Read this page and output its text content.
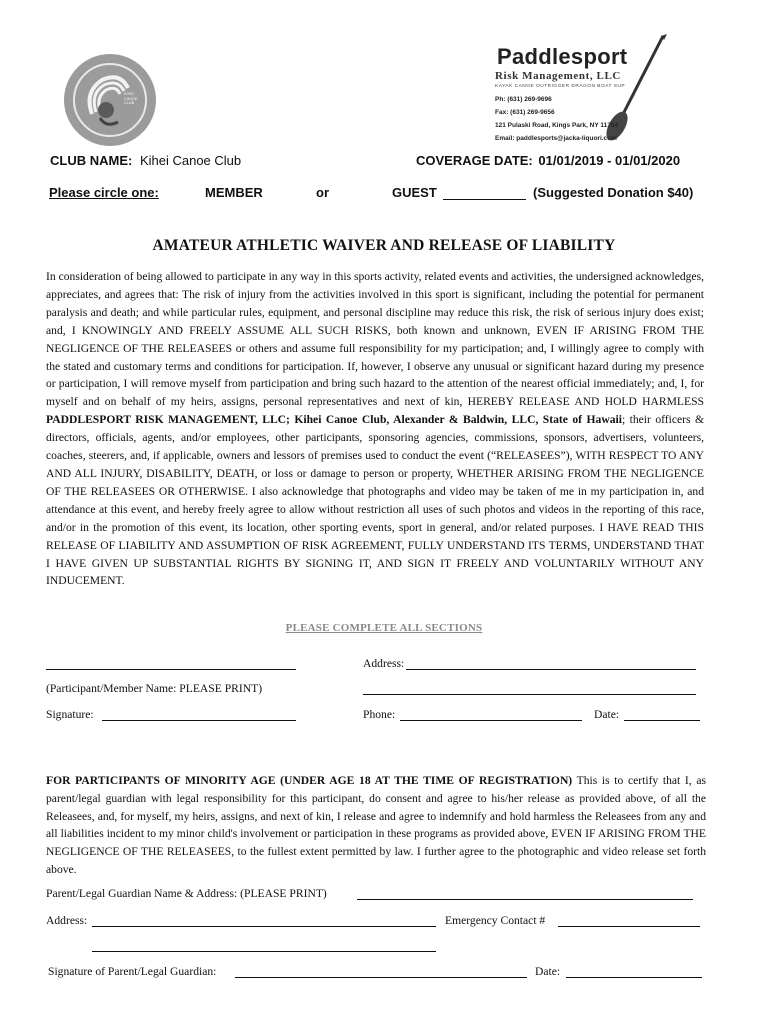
KIHEI CANOE CLUB
Paddlesport
Risk Management, LLC
KAYAK CANOE OUTRIGGER DRAGON BOAT SUP
Ph: (631) 269-9696
Fax: (631) 269-9656
121 Pulaski Road, Kings Park, NY 11754
Email: paddlesports@jacka-liquori.com
CLUB NAME: Kihei Canoe Club	COVERAGE DATE: 01/01/2019 - 01/01/2020
Please circle one:	MEMBER	or	GUEST	(Suggested Donation $40)
AMATEUR ATHLETIC WAIVER AND RELEASE OF LIABILITY

In consideration of being allowed to participate in any way in this sports activity, related events and activities, the undersigned acknowledges, appreciates, and agrees that: The risk of injury from the activities involved in this sport is significant, including the potential for permanent paralysis and death; and while particular rules, equipment, and personal discipline may reduce this risk, the risk of serious injury does exist; and, I KNOWINGLY AND FREELY ASSUME ALL SUCH RISKS, both known and unknown, EVEN IF ARISING FROM THE NEGLIGENCE OF THE RELEASEES or others and assume full responsibility for my participation; and, I willingly agree to comply with the stated and customary terms and conditions for participation. If, however, I observe any unusual or significant hazard during my presence or participation, I will remove myself from participation and bring such hazard to the attention of the nearest official immediately; and, I, for myself and on behalf of my heirs, assigns, personal representatives and next of kin, HEREBY RELEASE AND HOLD HARMLESS PADDLESPORT RISK MANAGEMENT, LLC; Kihei Canoe Club, Alexander & Baldwin, LLC, State of Hawaii; their officers & directors, officials, agents, and/or employees, other participants, sponsoring agencies, commissions, sponsors, advertisers, volunteers, coaches, steerers, and, if applicable, owners and lessors of premises used to conduct the event (“RELEASEES”), WITH RESPECT TO ANY AND ALL INJURY, DISABILITY, DEATH, or loss or damage to person or property, WHETHER ARISING FROM THE NEGLIGENCE OF THE RELEASEES OR OTHERWISE. I also acknowledge that photographs and video may be taken of me in my participation in, and attendance at this event, and hereby freely agree to allow without restriction all uses of such photos and videos in the reporting of this race, and/or in the promotion of this event, its location, other sporting events, sport in general, and/or related purposes. I HAVE READ THIS RELEASE OF LIABILITY AND ASSUMPTION OF RISK AGREEMENT, FULLY UNDERSTAND ITS TERMS, UNDERSTAND THAT I HAVE GIVEN UP SUBSTANTIAL RIGHTS BY SIGNING IT, AND SIGN IT FREELY AND VOLUNTARILY WITHOUT ANY INDUCEMENT.

PLEASE COMPLETE ALL SECTIONS
Address:
(Participant/Member Name: PLEASE PRINT)
Signature:	Phone:	Date:

FOR PARTICIPANTS OF MINORITY AGE (UNDER AGE 18 AT THE TIME OF REGISTRATION) This is to certify that I, as parent/legal guardian with legal responsibility for this participant, do consent and agree to his/her release as provided above, of all the Releasees, and, for myself, my heirs, assigns, and next of kin, I release and agree to indemnify and hold harmless the Releasees from any and all liabilities incident to my minor child's involvement or participation in these programs as provided above, EVEN IF ARISING FROM THE NEGLIGENCE OF THE RELEASEES, to the fullest extent permitted by law. I further agree to the photographic and video release set forth above.

Parent/Legal Guardian Name & Address: (PLEASE PRINT)
Address:	Emergency Contact #
Signature of Parent/Legal Guardian:	Date:
